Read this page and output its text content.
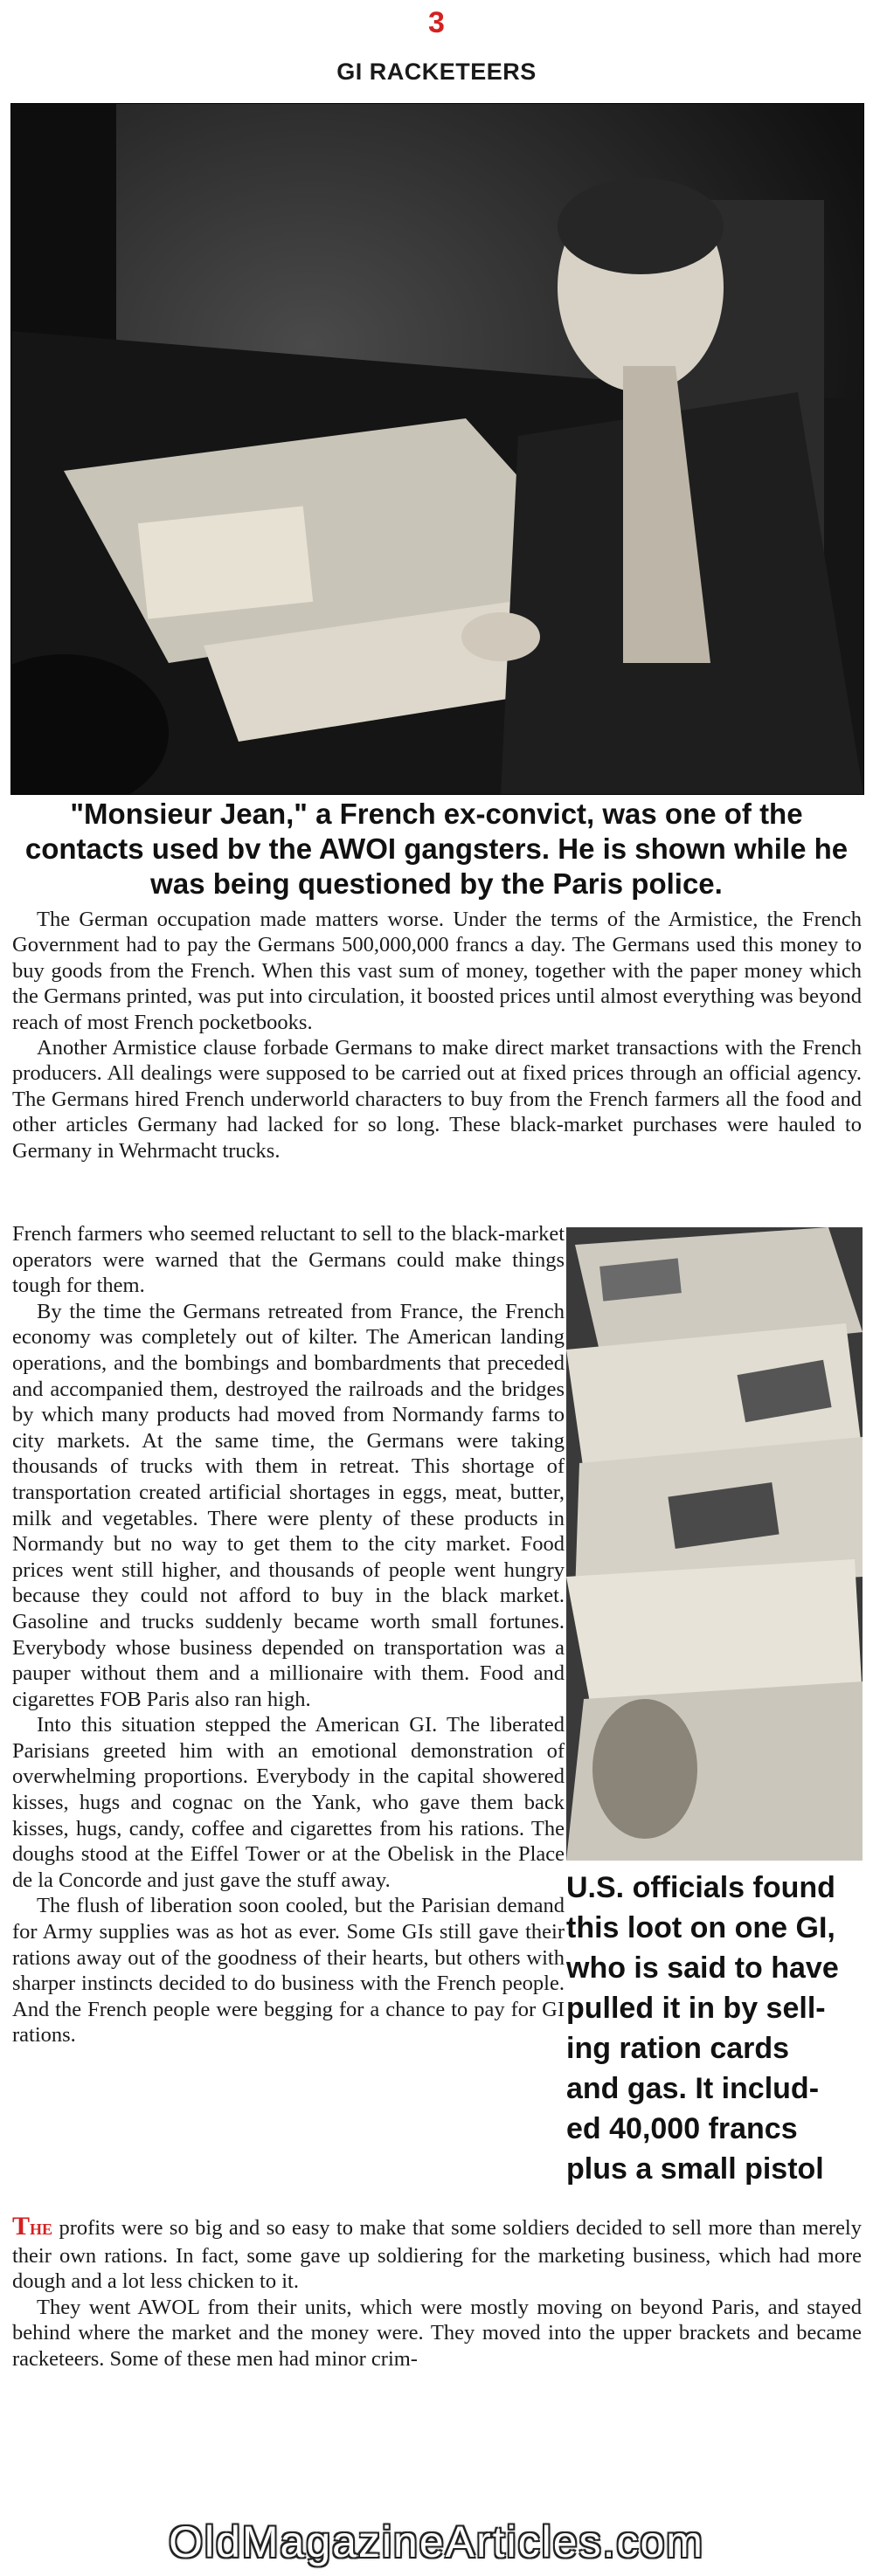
3
GI RACKETEERS
"Monsieur Jean," a French ex-convict, was one of the contacts used bv the AWOI gangsters. He is shown while he was being questioned by the Paris police.

The German occupation made matters worse. Under the terms of the Armistice, the French Government had to pay the Germans 500,000,000 francs a day. The Germans used this money to buy goods from the French. When this vast sum of money, together with the paper money which the Germans printed, was put into circulation, it boosted prices until almost everything was beyond reach of most French pocketbooks.

Another Armistice clause forbade Germans to make direct market transactions with the French producers. All dealings were supposed to be carried out at fixed prices through an official agency. The Germans hired French underworld characters to buy from the French farmers all the food and other articles Germany had lacked for so long. These black-market purchases were hauled to Germany in Wehrmacht trucks.

French farmers who seemed reluctant to sell to the black-market operators were warned that the Germans could make things tough for them.

By the time the Germans retreated from France, the French economy was completely out of kilter. The American landing operations, and the bombings and bombardments that preceded and accompanied them, destroyed the railroads and the bridges by which many products had moved from Normandy farms to city markets. At the same time, the Germans were taking thousands of trucks with them in retreat. This shortage of transportation created artificial shortages in eggs, meat, butter, milk and vegetables. There were plenty of these products in Normandy but no way to get them to the city market. Food prices went still higher, and thousands of people went hungry because they could not afford to buy in the black market. Gasoline and trucks suddenly became worth small fortunes. Everybody whose business depended on transportation was a pauper without them and a millionaire with them. Food and cigarettes FOB Paris also ran high.

Into this situation stepped the American GI. The liberated Parisians greeted him with an emotional demonstration of overwhelming proportions. Everybody in the capital showered kisses, hugs and cognac on the Yank, who gave them back kisses, hugs, candy, coffee and cigarettes from his rations. The doughs stood at the Eiffel Tower or at the Obelisk in the Place de la Concorde and just gave the stuff away.

The flush of liberation soon cooled, but the Parisian demand for Army supplies was as hot as ever. Some GIs still gave their rations away out of the goodness of their hearts, but others with sharper instincts decided to do business with the French people. And the French people were begging for a chance to pay for GI rations.

U.S. officials found
this loot on one GI,
who is said to have
pulled it in by sell-
ing ration cards
and gas. It includ-
ed 40,000 francs
plus a small pistol

THE profits were so big and so easy to make that some soldiers decided to sell more than merely their own rations. In fact, some gave up soldiering for the marketing business, which had more dough and a lot less chicken to it.

They went AWOL from their units, which were mostly moving on beyond Paris, and stayed behind where the market and the money were. They moved into the upper brackets and became racketeers. Some of these men had minor crim-

OldMagazineArticles.com
